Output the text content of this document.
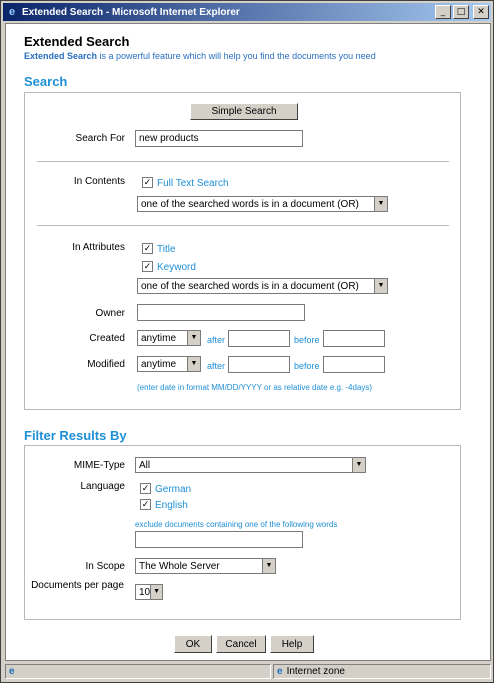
e Extended Search - Microsoft Internet Explorer	_	□	✕
Extended Search
Extended Search is a powerful feature which will help you find the documents you need
Search
Simple Search
Search For
new products
In Contents ✓ Full Text Search
one of the searched words is in a document (OR)	▼
In Attributes ✓ Title
✓ Keyword
one of the searched words is in a document (OR)	▼
Owner
Created anytime	▼ after	before
Modified anytime	▼ after	before
(enter date in format MM/DD/YYYY or as relative date e.g. -4days)
Filter Results By
MIME-Type All	▼
Language ✓ German
✓ English
exclude documents containing one of the following words
In Scope The Whole Server	▼
Documents per page
10 ▼
OK	Cancel	Help
e	e Internet zone
